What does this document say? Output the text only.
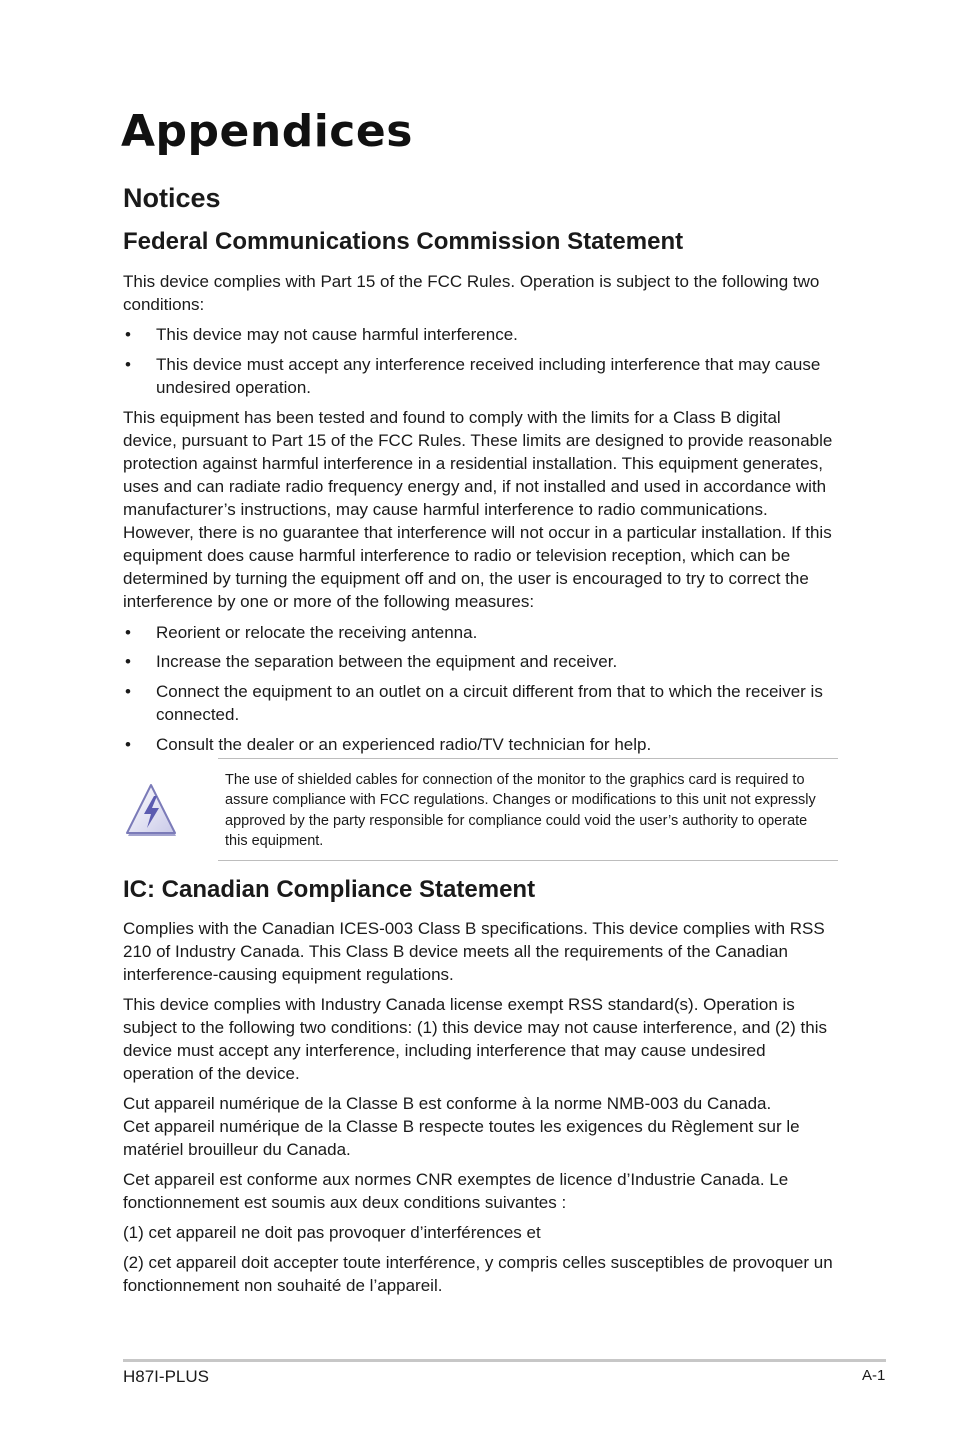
Appendices
Notices
Federal Communications Commission Statement

This device complies with Part 15 of the FCC Rules. Operation is subject to the following two conditions:

• This device may not cause harmful interference.
• This device must accept any interference received including interference that may cause undesired operation.

This equipment has been tested and found to comply with the limits for a Class B digital device, pursuant to Part 15 of the FCC Rules. These limits are designed to provide reasonable protection against harmful interference in a residential installation. This equipment generates, uses and can radiate radio frequency energy and, if not installed and used in accordance with manufacturer’s instructions, may cause harmful interference to radio communications. However, there is no guarantee that interference will not occur in a particular installation. If this equipment does cause harmful interference to radio or television reception, which can be determined by turning the equipment off and on, the user is encouraged to try to correct the interference by one or more of the following measures:

• Reorient or relocate the receiving antenna.
• Increase the separation between the equipment and receiver.
• Connect the equipment to an outlet on a circuit different from that to which the receiver is connected.
• Consult the dealer or an experienced radio/TV technician for help.
The use of shielded cables for connection of the monitor to the graphics card is required to assure compliance with FCC regulations. Changes or modifications to this unit not expressly approved by the party responsible for compliance could void the user’s authority to operate this equipment.
IC: Canadian Compliance Statement

Complies with the Canadian ICES-003 Class B specifications. This device complies with RSS 210 of Industry Canada. This Class B device meets all the requirements of the Canadian interference-causing equipment regulations.

This device complies with Industry Canada license exempt RSS standard(s). Operation is subject to the following two conditions: (1) this device may not cause interference, and (2) this device must accept any interference, including interference that may cause undesired operation of the device.

Cut appareil numérique de la Classe B est conforme à la norme NMB-003 du Canada.

Cet appareil numérique de la Classe B respecte toutes les exigences du Règlement sur le matériel brouilleur du Canada.

Cet appareil est conforme aux normes CNR exemptes de licence d’Industrie Canada. Le fonctionnement est soumis aux deux conditions suivantes :

(1) cet appareil ne doit pas provoquer d’interférences et

(2) cet appareil doit accepter toute interférence, y compris celles susceptibles de provoquer un fonctionnement non souhaité de l’appareil.

H87I-PLUS	A-1
